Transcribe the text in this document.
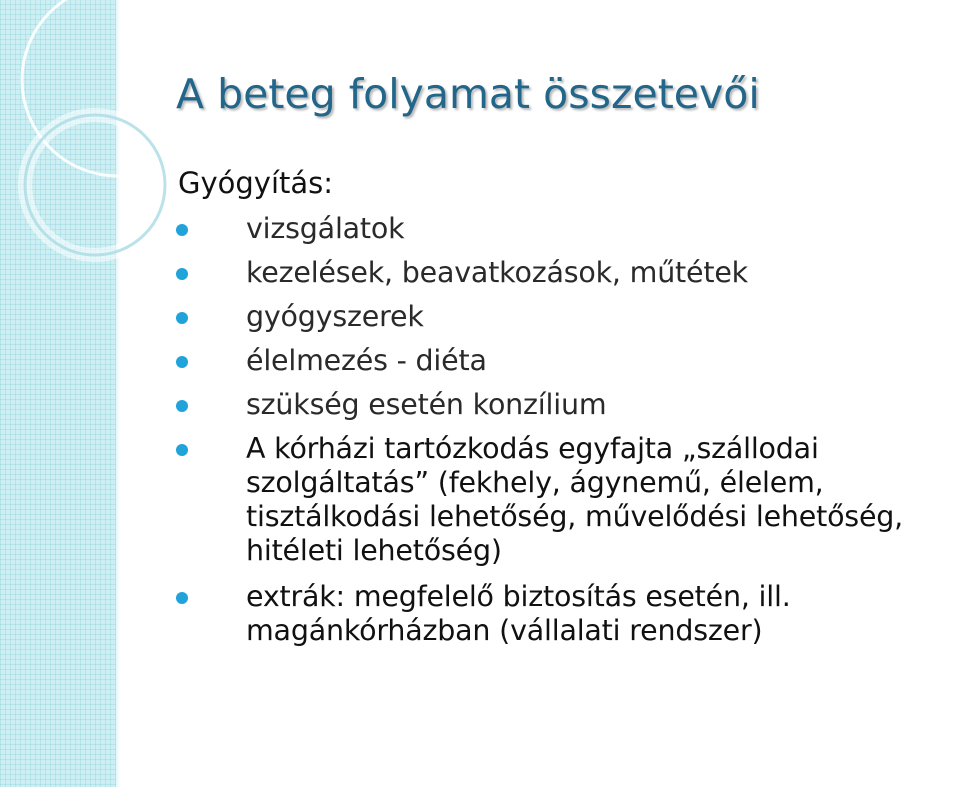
A beteg folyamat összetevői
Gyógyítás:
vizsgálatok
kezelések, beavatkozások, műtétek
gyógyszerek
élelmezés - diéta
szükség esetén konzílium
A kórházi tartózkodás egyfajta „szállodai szolgáltatás” (fekhely, ágynemű, élelem, tisztálkodási lehetőség, művelődési lehetőség, hitéleti lehetőség)
extrák: megfelelő biztosítás esetén, ill. magánkórházban (vállalati rendszer)
